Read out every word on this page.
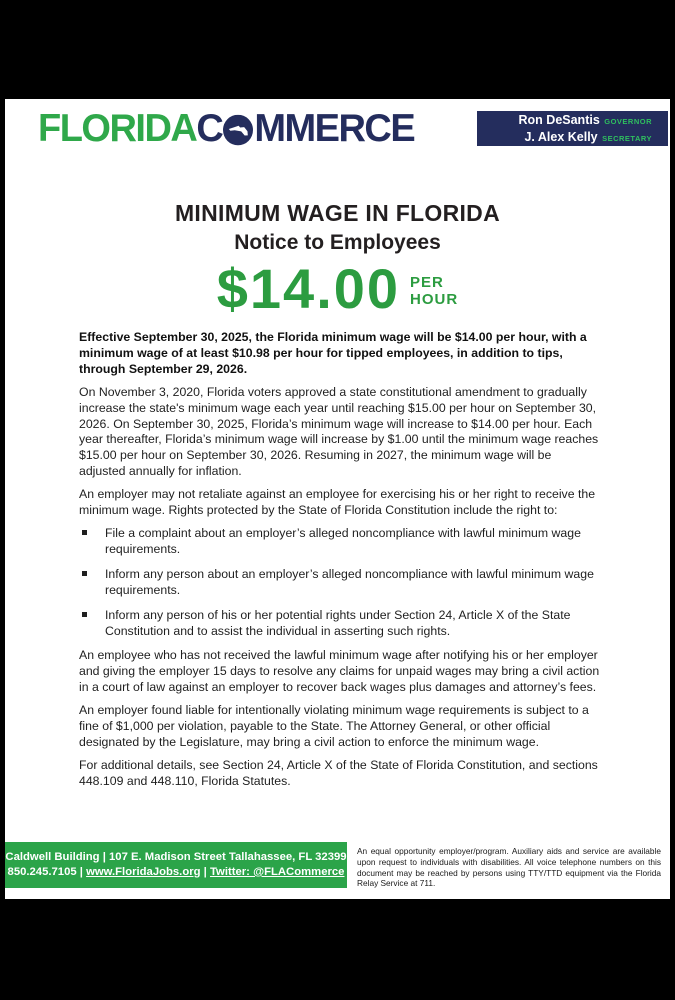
FLORIDA C MMERCE	Ron DeSantis GOVERNOR
J. Alex Kelly SECRETARY
MINIMUM WAGE IN FLORIDA
Notice to Employees
$14.00 PER
HOUR

Effective September 30, 2025, the Florida minimum wage will be $14.00 per hour, with a minimum wage of at least $10.98 per hour for tipped employees, in addition to tips, through September 29, 2026.

On November 3, 2020, Florida voters approved a state constitutional amendment to gradually increase the state's minimum wage each year until reaching $15.00 per hour on September 30, 2026. On September 30, 2025, Florida’s minimum wage will increase to $14.00 per hour. Each year thereafter, Florida’s minimum wage will increase by $1.00 until the minimum wage reaches $15.00 per hour on September 30, 2026. Resuming in 2027, the minimum wage will be adjusted annually for inflation.

An employer may not retaliate against an employee for exercising his or her right to receive the minimum wage. Rights protected by the State of Florida Constitution include the right to:

File a complaint about an employer’s alleged noncompliance with lawful minimum wage requirements.
Inform any person about an employer’s alleged noncompliance with lawful minimum wage requirements.
Inform any person of his or her potential rights under Section 24, Article X of the State Constitution and to assist the individual in asserting such rights.

An employee who has not received the lawful minimum wage after notifying his or her employer and giving the employer 15 days to resolve any claims for unpaid wages may bring a civil action in a court of law against an employer to recover back wages plus damages and attorney’s fees.

An employer found liable for intentionally violating minimum wage requirements is subject to a fine of $1,000 per violation, payable to the State. The Attorney General, or other official designated by the Legislature, may bring a civil action to enforce the minimum wage.

For additional details, see Section 24, Article X of the State of Florida Constitution, and sections 448.109 and 448.110, Florida Statutes.

Caldwell Building | 107 E. Madison Street Tallahassee, FL 32399
850.245.7105 | www.FloridaJobs.org | Twitter: @FLACommerce
An equal opportunity employer/program. Auxiliary aids and service are available upon request to individuals with disabilities. All voice telephone numbers on this document may be reached by persons using TTY/TTD equipment via the Florida Relay Service at 711.
